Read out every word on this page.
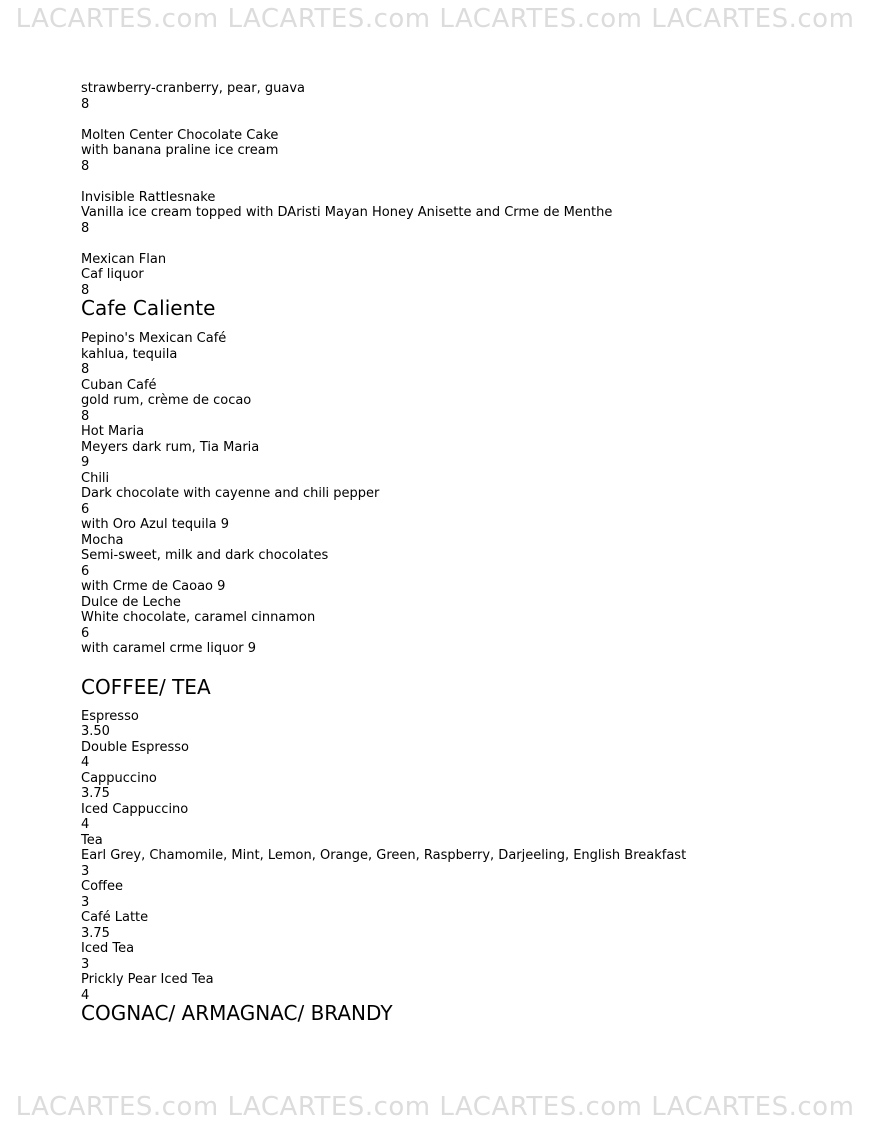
LACARTES.com LACARTES.com LACARTES.com LACARTES.com
strawberry-cranberry, pear, guava
8
Molten Center Chocolate Cake
with banana praline ice cream
8
Invisible Rattlesnake
Vanilla ice cream topped with DAristi Mayan Honey Anisette and Crme de Menthe
8
Mexican Flan
Caf liquor
8
Cafe Caliente
Pepino's Mexican Café
kahlua, tequila
8
Cuban Café
gold rum, crème de cocao
8
Hot Maria
Meyers dark rum, Tia Maria
9
Chili
Dark chocolate with cayenne and chili pepper
6
with Oro Azul tequila 9
Mocha
Semi-sweet, milk and dark chocolates
6
with Crme de Caoao 9
Dulce de Leche
White chocolate, caramel cinnamon
6
with caramel crme liquor 9
COFFEE/ TEA
Espresso
3.50
Double Espresso
4
Cappuccino
3.75
Iced Cappuccino
4
Tea
Earl Grey, Chamomile, Mint, Lemon, Orange, Green, Raspberry, Darjeeling, English Breakfast
3
Coffee
3
Café Latte
3.75
Iced Tea
3
Prickly Pear Iced Tea
4
COGNAC/ ARMAGNAC/ BRANDY
LACARTES.com LACARTES.com LACARTES.com LACARTES.com
